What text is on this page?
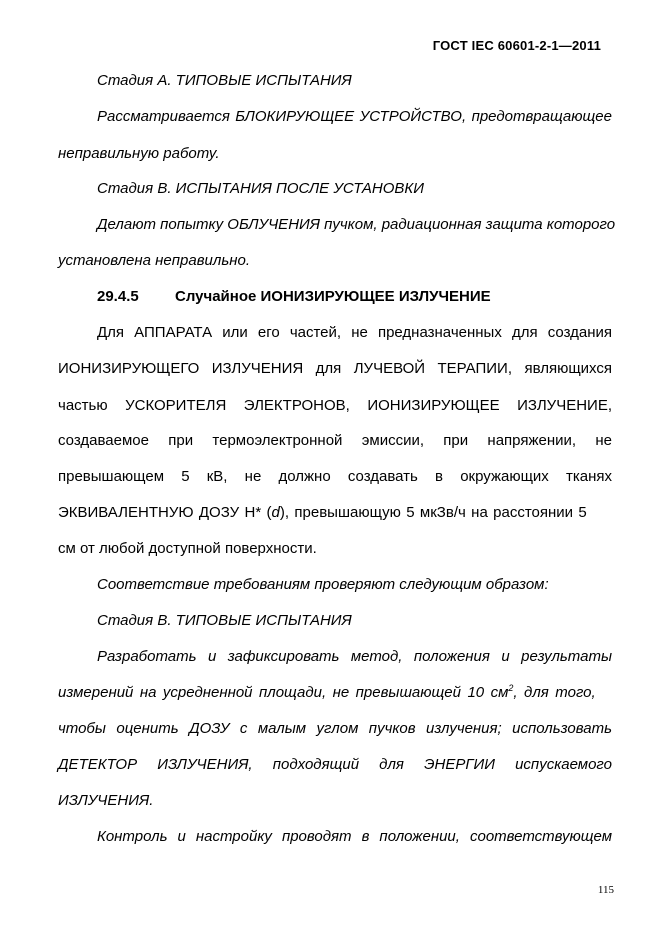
ГОСТ IEC 60601-2-1—2011
Стадия А. ТИПОВЫЕ ИСПЫТАНИЯ
Рассматривается БЛОКИРУЮЩЕЕ УСТРОЙСТВО, предотвращающее
неправильную работу.
Стадия В. ИСПЫТАНИЯ ПОСЛЕ УСТАНОВКИ
Делают попытку ОБЛУЧЕНИЯ пучком, радиационная защита которого
установлена неправильно.
29.4.5 Случайное ИОНИЗИРУЮЩЕЕ ИЗЛУЧЕНИЕ
Для АППАРАТА или его частей, не предназначенных для создания
ИОНИЗИРУЮЩЕГО ИЗЛУЧЕНИЯ для ЛУЧЕВОЙ ТЕРАПИИ, являющихся
частью УСКОРИТЕЛЯ ЭЛЕКТРОНОВ, ИОНИЗИРУЮЩЕЕ ИЗЛУЧЕНИЕ,
создаваемое при термоэлектронной эмиссии, при напряжении, не
превышающем 5 кВ, не должно создавать в окружающих тканях
ЭКВИВАЛЕНТНУЮ ДОЗУ Н* (d), превышающую 5 мкЗв/ч на расстоянии 5
см от любой доступной поверхности.
Соответствие требованиям проверяют следующим образом:
Стадия В. ТИПОВЫЕ ИСПЫТАНИЯ
Разработать и зафиксировать метод, положения и результаты
измерений на усредненной площади, не превышающей 10 $см^2$, для того,
чтобы оценить ДОЗУ с малым углом пучков излучения; использовать
ДЕТЕКТОР ИЗЛУЧЕНИЯ, подходящий для ЭНЕРГИИ испускаемого
ИЗЛУЧЕНИЯ.
Контроль и настройку проводят в положении, соответствующем
115
